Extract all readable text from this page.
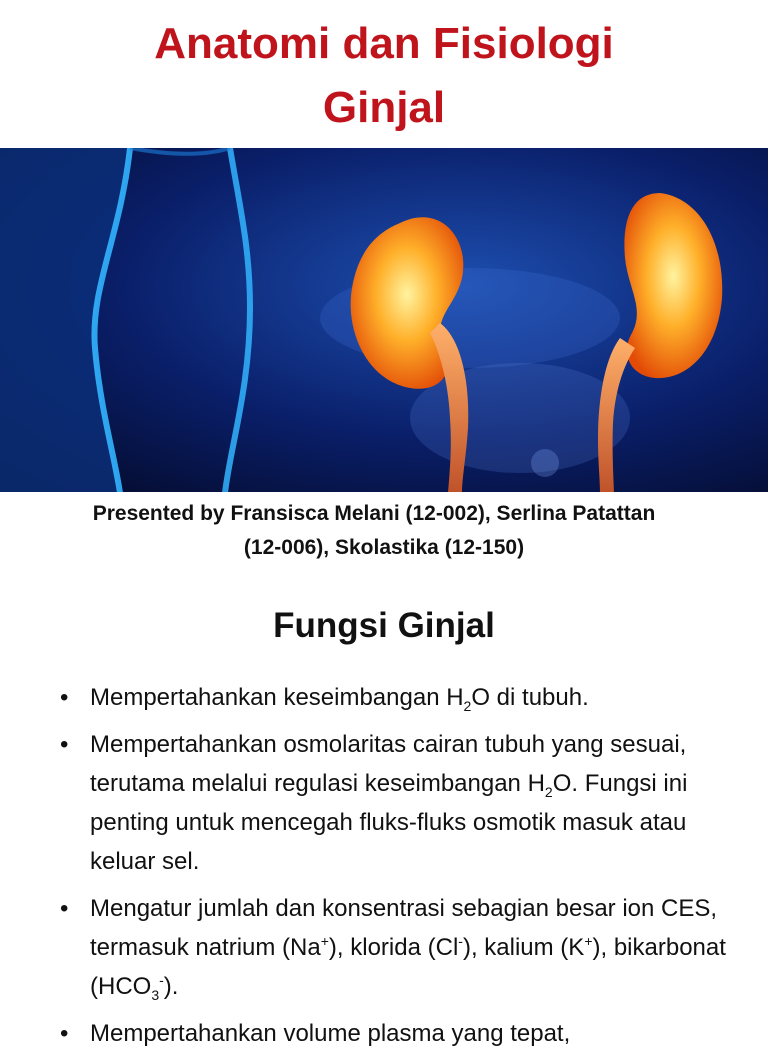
Anatomi dan Fisiologi
Ginjal
Presented by Fransisca Melani (12-002), Serlina Patattan
(12-006), Skolastika (12-150)
Fungsi Ginjal
• Mempertahankan keseimbangan $H_2O$ di tubuh.
• Mempertahankan osmolaritas cairan tubuh yang sesuai, terutama melalui regulasi keseimbangan $H_2O$. Fungsi ini penting untuk mencegah fluks-fluks osmotik masuk atau keluar sel.
• Mengatur jumlah dan konsentrasi sebagian besar ion CES, termasuk natrium (Na+), klorida (Cl-), kalium (K+), bikarbonat $(HCO_3^-)$.
• Mempertahankan volume plasma yang tepat,
